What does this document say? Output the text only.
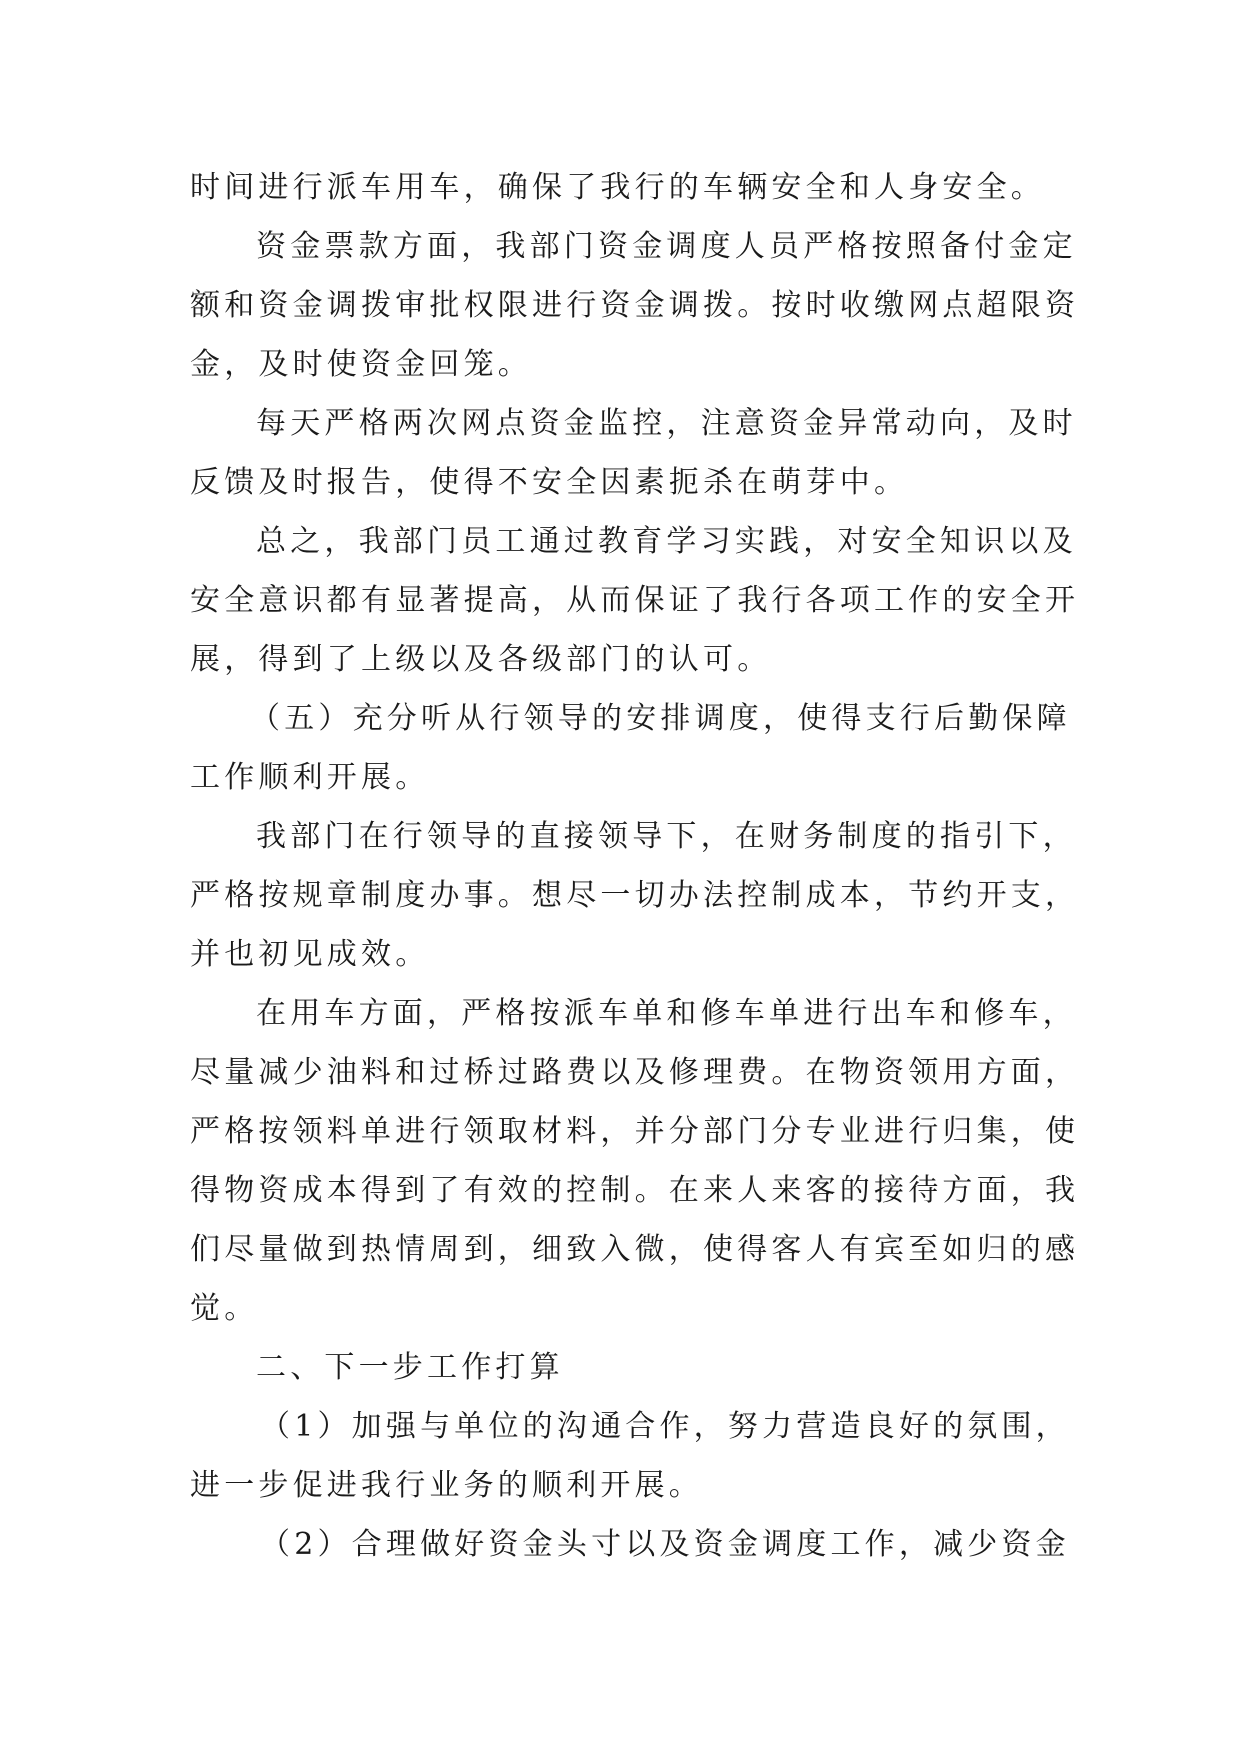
时间进行派车用车，确保了我行的车辆安全和人身安全。
资金票款方面，我部门资金调度人员严格按照备付金定
额和资金调拨审批权限进行资金调拨。按时收缴网点超限资
金，及时使资金回笼。
每天严格两次网点资金监控，注意资金异常动向，及时
反馈及时报告，使得不安全因素扼杀在萌芽中。
总之，我部门员工通过教育学习实践，对安全知识以及
安全意识都有显著提高，从而保证了我行各项工作的安全开
展，得到了上级以及各级部门的认可。
（五）充分听从行领导的安排调度，使得支行后勤保障
工作顺利开展。
我部门在行领导的直接领导下，在财务制度的指引下，
严格按规章制度办事。想尽一切办法控制成本，节约开支，
并也初见成效。
在用车方面，严格按派车单和修车单进行出车和修车，
尽量减少油料和过桥过路费以及修理费。在物资领用方面，
严格按领料单进行领取材料，并分部门分专业进行归集，使
得物资成本得到了有效的控制。在来人来客的接待方面，我
们尽量做到热情周到，细致入微，使得客人有宾至如归的感
觉。
二、下一步工作打算
（1）加强与单位的沟通合作，努力营造良好的氛围，
进一步促进我行业务的顺利开展。
（2）合理做好资金头寸以及资金调度工作，减少资金
